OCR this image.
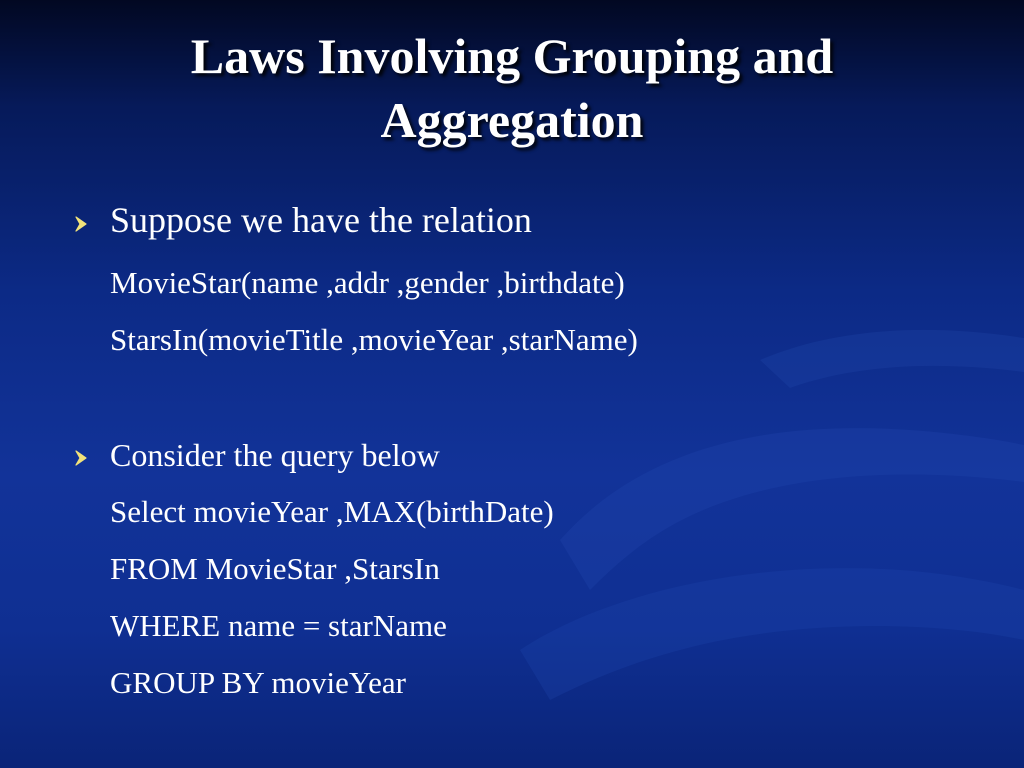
Laws Involving Grouping and
Aggregation
Suppose we have the relation
MovieStar(name ,addr ,gender ,birthdate)
StarsIn(movieTitle ,movieYear ,starName)
Consider the query below
Select movieYear ,MAX(birthDate)
FROM MovieStar ,StarsIn
WHERE name = starName
GROUP BY movieYear
